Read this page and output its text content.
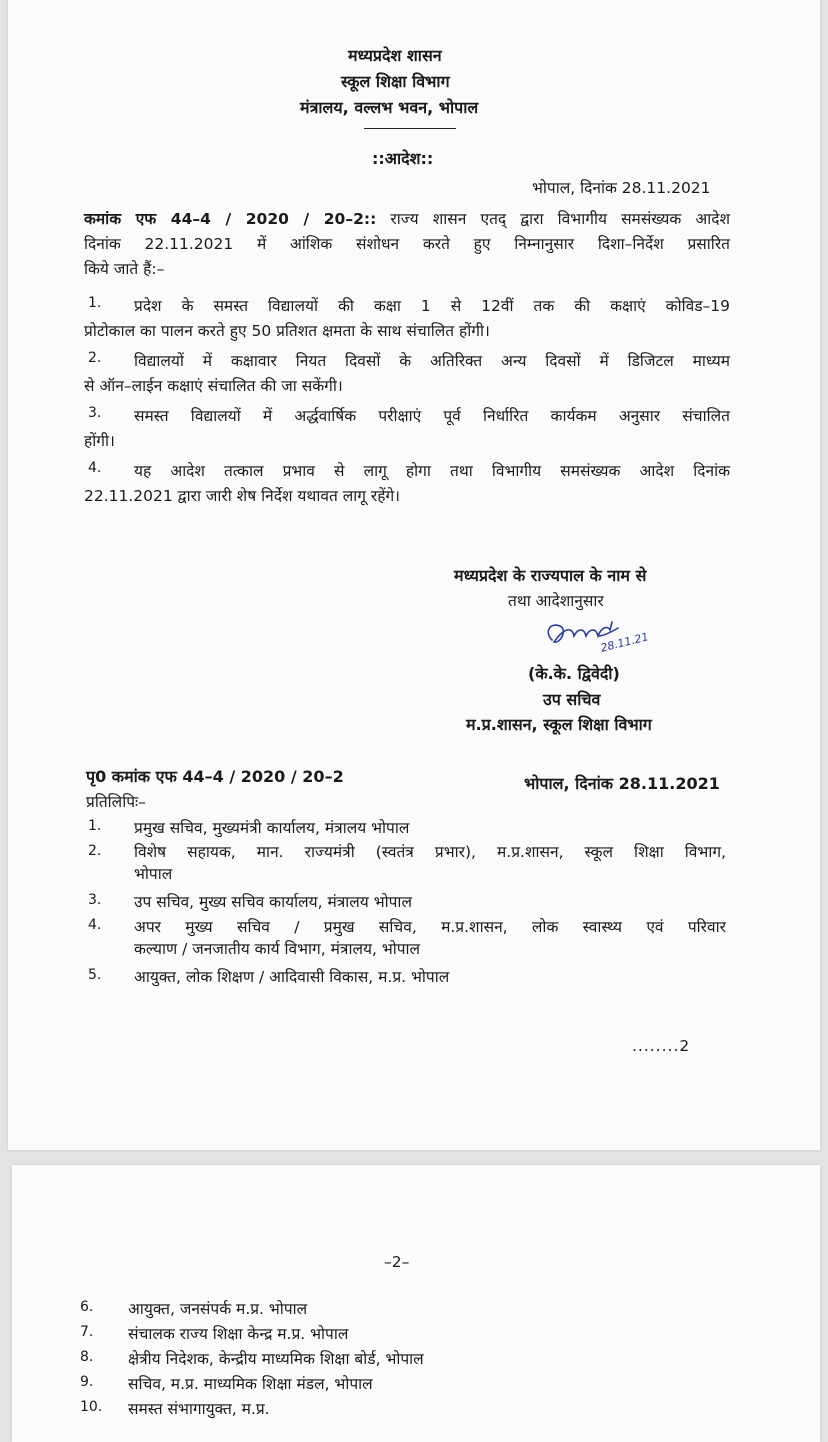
मध्यप्रदेश शासन
स्कूल शिक्षा विभाग
मंत्रालय, वल्लभ भवन, भोपाल
::आदेश::
भोपाल, दिनांक 28.11.2021
कमांक एफ 44–4 / 2020 / 20–2:: राज्य शासन एतद् द्वारा विभागीय समसंख्यक आदेश
दिनांक 22.11.2021 में आंशिक संशोधन करते हुए निम्नानुसार दिशा–निर्देश प्रसारित
किये जाते हैं:–
1.	प्रदेश के समस्त विद्यालयों की कक्षा 1 से 12वीं तक की कक्षाएं कोविड–19
प्रोटोकाल का पालन करते हुए 50 प्रतिशत क्षमता के साथ संचालित होंगी।
2.	विद्यालयों में कक्षावार नियत दिवसों के अतिरिक्त अन्य दिवसों में डिजिटल माध्यम
से ऑन–लाईन कक्षाएं संचालित की जा सकेंगी।
3.	समस्त विद्यालयों में अर्द्धवार्षिक परीक्षाएं पूर्व निर्धारित कार्यकम अनुसार संचालित
होंगी।
4.	यह आदेश तत्काल प्रभाव से लागू होगा तथा विभागीय समसंख्यक आदेश दिनांक
22.11.2021 द्वारा जारी शेष निर्देश यथावत लागू रहेंगे।
मध्यप्रदेश के राज्यपाल के नाम से
तथा आदेशानुसार
28.11.21
(के.के. द्विवेदी)
उप सचिव
म.प्र.शासन, स्कूल शिक्षा विभाग
पृ0 कमांक एफ 44–4 / 2020 / 20–2	भोपाल, दिनांक 28.11.2021
प्रतिलिपिः–
1. प्रमुख सचिव, मुख्यमंत्री कार्यालय, मंत्रालय भोपाल
2. विशेष सहायक, मान. राज्यमंत्री (स्वतंत्र प्रभार), म.प्र.शासन, स्कूल शिक्षा विभाग,
भोपाल
3. उप सचिव, मुख्य सचिव कार्यालय, मंत्रालय भोपाल
4. अपर मुख्य सचिव / प्रमुख सचिव, म.प्र.शासन, लोक स्वास्थ्य एवं परिवार
कल्याण / जनजातीय कार्य विभाग, मंत्रालय, भोपाल
5. आयुक्त, लोक शिक्षण / आदिवासी विकास, म.प्र. भोपाल
........2
–2–
6. आयुक्त, जनसंपर्क म.प्र. भोपाल
7. संचालक राज्य शिक्षा केन्द्र म.प्र. भोपाल
8. क्षेत्रीय निदेशक, केन्द्रीय माध्यमिक शिक्षा बोर्ड, भोपाल
9. सचिव, म.प्र. माध्यमिक शिक्षा मंडल, भोपाल
10. समस्त संभागायुक्त, म.प्र.
